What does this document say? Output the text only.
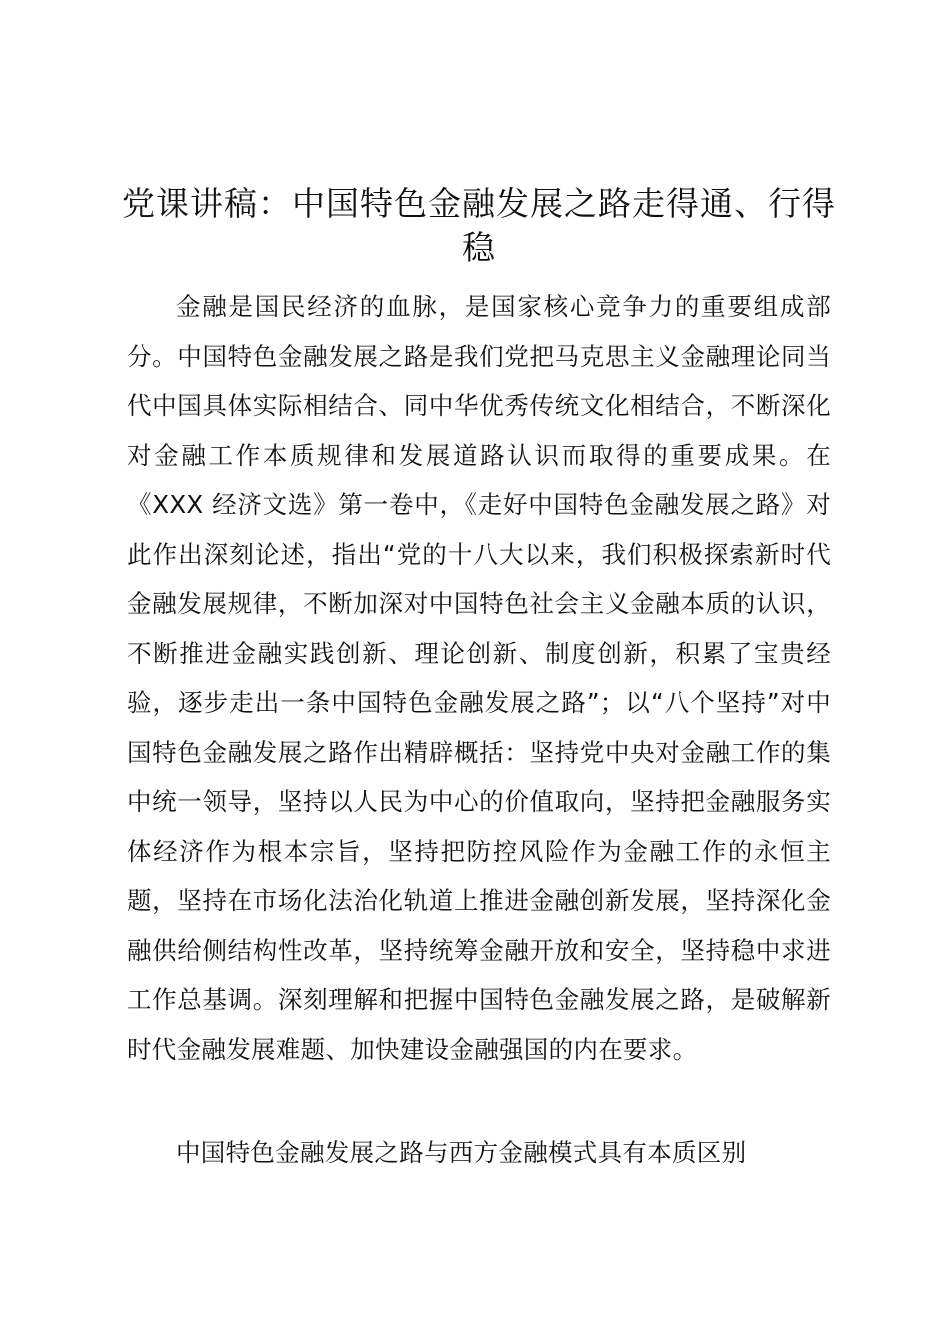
党课讲稿：中国特色金融发展之路走得通、行得稳

金融是国民经济的血脉，是国家核心竞争力的重要组成部分。中国特色金融发展之路是我们党把马克思主义金融理论同当代中国具体实际相结合、同中华优秀传统文化相结合，不断深化对金融工作本质规律和发展道路认识而取得的重要成果。在《XXX 经济文选》第一卷中，《走好中国特色金融发展之路》对此作出深刻论述，指出“党的十八大以来，我们积极探索新时代金融发展规律，不断加深对中国特色社会主义金融本质的认识，不断推进金融实践创新、理论创新、制度创新，积累了宝贵经验，逐步走出一条中国特色金融发展之路”；以“八个坚持”对中国特色金融发展之路作出精辟概括：坚持党中央对金融工作的集中统一领导，坚持以人民为中心的价值取向，坚持把金融服务实体经济作为根本宗旨，坚持把防控风险作为金融工作的永恒主题，坚持在市场化法治化轨道上推进金融创新发展，坚持深化金融供给侧结构性改革，坚持统筹金融开放和安全，坚持稳中求进工作总基调。深刻理解和把握中国特色金融发展之路，是破解新时代金融发展难题、加快建设金融强国的内在要求。

中国特色金融发展之路与西方金融模式具有本质区别
